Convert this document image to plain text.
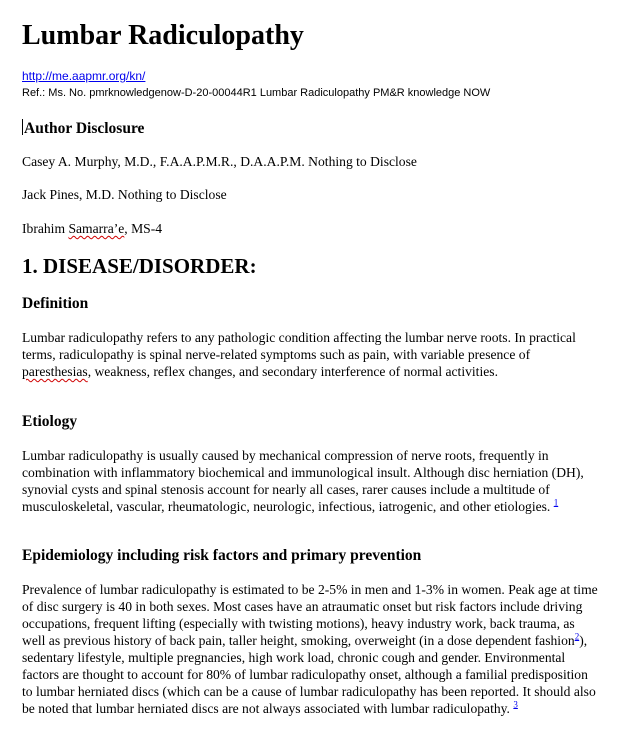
Lumbar Radiculopathy
http://me.aapmr.org/kn/
Ref.: Ms. No. pmrknowledgenow-D-20-00044R1 Lumbar Radiculopathy PM&R knowledge NOW
Author Disclosure
Casey A. Murphy, M.D., F.A.A.P.M.R., D.A.A.P.M. Nothing to Disclose
Jack Pines, M.D. Nothing to Disclose
Ibrahim Samarra’e, MS-4
1. DISEASE/DISORDER:
Definition
Lumbar radiculopathy refers to any pathologic condition affecting the lumbar nerve roots. In practical terms, radiculopathy is spinal nerve-related symptoms such as pain, with variable presence of paresthesias, weakness, reflex changes, and secondary interference of normal activities.
Etiology
Lumbar radiculopathy is usually caused by mechanical compression of nerve roots, frequently in combination with inflammatory biochemical and immunological insult. Although disc herniation (DH), synovial cysts and spinal stenosis account for nearly all cases, rarer causes include a multitude of musculoskeletal, vascular, rheumatologic, neurologic, infectious, iatrogenic, and other etiologies. $^1$
Epidemiology including risk factors and primary prevention
Prevalence of lumbar radiculopathy is estimated to be 2-5% in men and 1-3% in women. Peak age at time of disc surgery is 40 in both sexes. Most cases have an atraumatic onset but risk factors include driving occupations, frequent lifting (especially with twisting motions), heavy industry work, back trauma, as well as previous history of back pain, taller height, smoking, overweight (in a dose dependent fashion$^2$), sedentary lifestyle, multiple pregnancies, high work load, chronic cough and gender. Environmental factors are thought to account for 80% of lumbar radiculopathy onset, although a familial predisposition to lumbar herniated discs (which can be a cause of lumbar radiculopathy has been reported. It should also be noted that lumbar herniated discs are not always associated with lumbar radiculopathy. $^3$
